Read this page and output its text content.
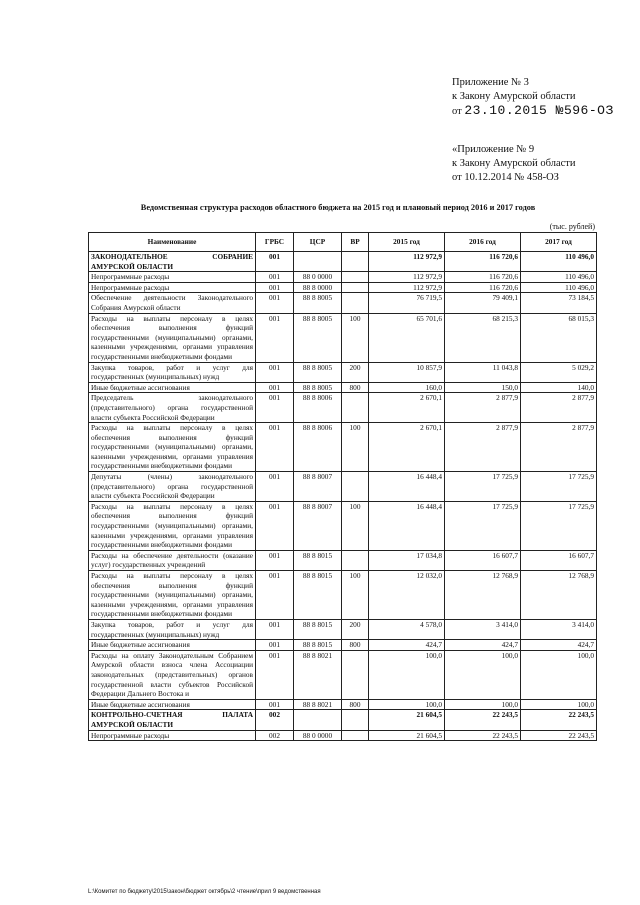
Приложение № 3
к Закону Амурской области
от 23.10.2015 №596-ОЗ
«Приложение № 9
к Закону Амурской области
от 10.12.2014 № 458-ОЗ
Ведомственная структура расходов областного бюджета на 2015 год и плановый период 2016 и 2017 годов
(тыс. рублей)
Наименование	ГРБС	ЦСР	ВР	2015 год	2016 год	2017 год
ЗАКОНОДАТЕЛЬНОЕ СОБРАНИЕ АМУРСКОЙ ОБЛАСТИ	001			112 972,9	116 720,6	110 496,0
Непрограммные расходы	001	88 0 0000		112 972,9	116 720,6	110 496,0
Непрограммные расходы	001	88 8 0000		112 972,9	116 720,6	110 496,0
Обеспечение деятельности Законодательного Собрания Амурской области	001	88 8 8005		76 719,5	79 409,1	73 184,5
Расходы на выплаты персоналу в целях обеспечения выполнения функций государственными (муниципальными) органами, казенными учреждениями, органами управления государственными внебюджетными фондами	001	88 8 8005	100	65 701,6	68 215,3	68 015,3
Закупка товаров, работ и услуг для государственных (муниципальных) нужд	001	88 8 8005	200	10 857,9	11 043,8	5 029,2
Иные бюджетные ассигнования	001	88 8 8005	800	160,0	150,0	140,0
Председатель законодательного (представительного) органа государственной власти субъекта Российской Федерации	001	88 8 8006		2 670,1	2 877,9	2 877,9
Расходы на выплаты персоналу в целях обеспечения выполнения функций государственными (муниципальными) органами, казенными учреждениями, органами управления государственными внебюджетными фондами	001	88 8 8006	100	2 670,1	2 877,9	2 877,9
Депутаты (члены) законодательного (представительного) органа государственной власти субъекта Российской Федерации	001	88 8 8007		16 448,4	17 725,9	17 725,9
Расходы на выплаты персоналу в целях обеспечения выполнения функций государственными (муниципальными) органами, казенными учреждениями, органами управления государственными внебюджетными фондами	001	88 8 8007	100	16 448,4	17 725,9	17 725,9
Расходы на обеспечение деятельности (оказание услуг) государственных учреждений	001	88 8 8015		17 034,8	16 607,7	16 607,7
Расходы на выплаты персоналу в целях обеспечения выполнения функций государственными (муниципальными) органами, казенными учреждениями, органами управления государственными внебюджетными фондами	001	88 8 8015	100	12 032,0	12 768,9	12 768,9
Закупка товаров, работ и услуг для государственных (муниципальных) нужд	001	88 8 8015	200	4 578,0	3 414,0	3 414,0
Иные бюджетные ассигнования	001	88 8 8015	800	424,7	424,7	424,7
Расходы на оплату Законодательным Собранием Амурской области взноса члена Ассоциации законодательных (представительных) органов государственной власти субъектов Российской Федерации Дальнего Востока и	001	88 8 8021		100,0	100,0	100,0
Иные бюджетные ассигнования	001	88 8 8021	800	100,0	100,0	100,0
КОНТРОЛЬНО-СЧЕТНАЯ ПАЛАТА АМУРСКОЙ ОБЛАСТИ	002			21 604,5	22 243,5	22 243,5
Непрограммные расходы	002	88 0 0000		21 604,5	22 243,5	22 243,5
L:\Комитет по бюджету\2015\закон\бюджет октябрь\2 чтение\прил 9 ведомственная
